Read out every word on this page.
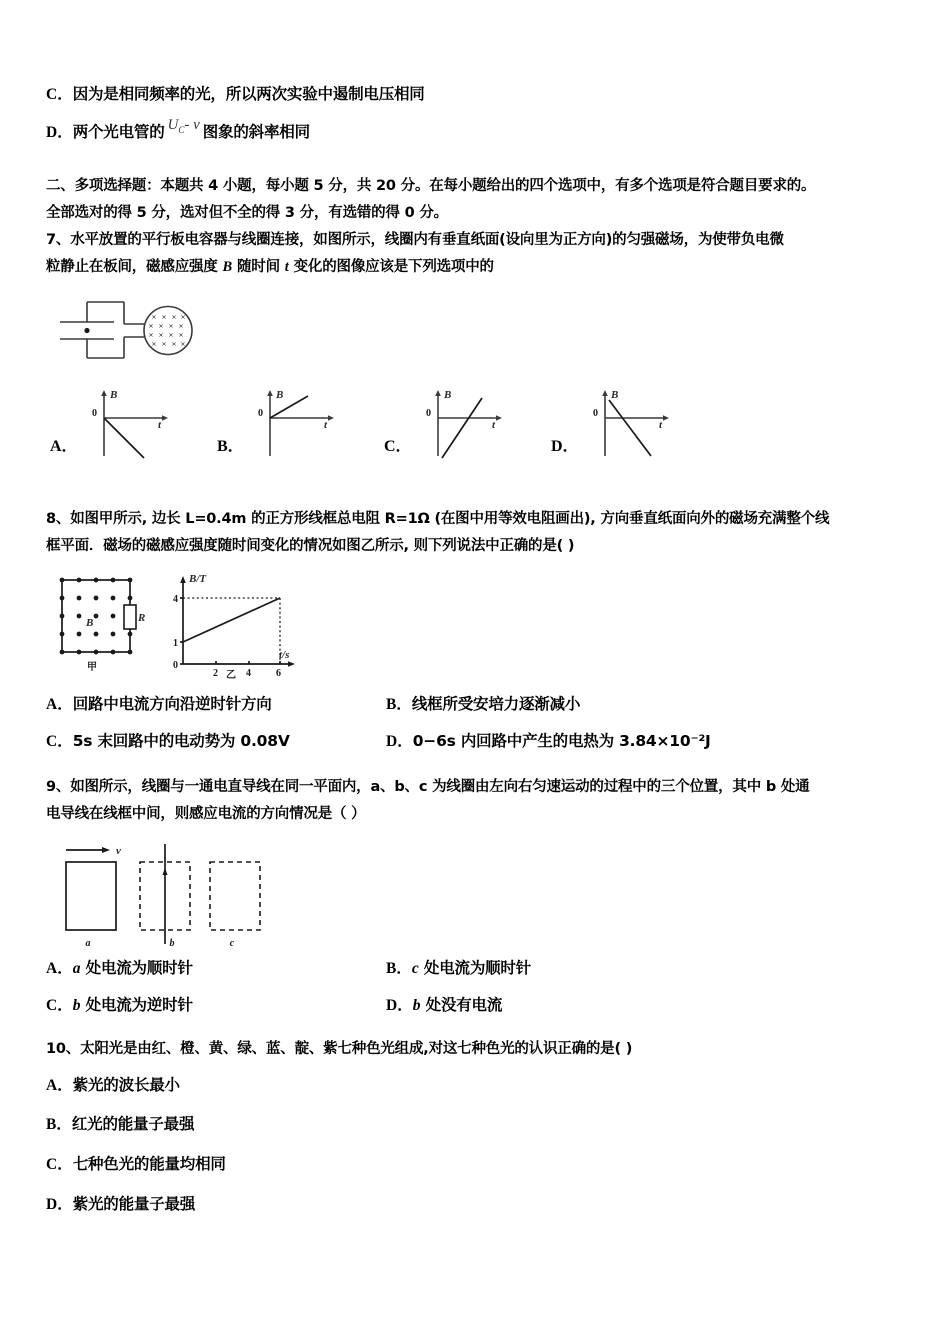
C．因为是相同频率的光，所以两次实验中遏制电压相同
D．两个光电管的 $U_C-$ ν 图象的斜率相同
二、多项选择题：本题共 4 小题，每小题 5 分，共 20 分。在每小题给出的四个选项中，有多个选项是符合题目要求的。
全部选对的得 5 分，选对但不全的得 3 分，有选错的得 0 分。
7、水平放置的平行板电容器与线圈连接，如图所示，线圈内有垂直纸面(设向里为正方向)的匀强磁场，为使带负电微
粒静止在板间，磁感应强度 B 随时间 t 变化的图像应该是下列选项中的
× × × ×
× × × ×
× × × ×
× × × ×
A．
B
t
0
B．
B
t
0
C．
B
t
0
D．
B
t
0
8、如图甲所示, 边长 L=0.4m 的正方形线框总电阻 R=1Ω (在图中用等效电阻画出), 方向垂直纸面向外的磁场充满整个线
框平面．磁场的磁感应强度随时间变化的情况如图乙所示, 则下列说法中正确的是( )
R
B
甲
B/T
t/s
0
2	4	6
1
4
乙
A．回路中电流方向沿逆时针方向	B．线框所受安培力逐渐减小
C．5s 末回路中的电动势为 0.08V	D．0−6s 内回路中产生的电热为 3.84×10⁻²J
9、如图所示，线圈与一通电直导线在同一平面内，a、b、c 为线圈由左向右匀速运动的过程中的三个位置，其中 b 处通
电导线在线框中间，则感应电流的方向情况是（ ）
v
a	b	c
A．a 处电流为顺时针	B．c 处电流为顺时针
C．b 处电流为逆时针	D．b 处没有电流
10、太阳光是由红、橙、黄、绿、蓝、靛、紫七种色光组成,对这七种色光的认识正确的是( )
A．紫光的波长最小
B．红光的能量子最强
C．七种色光的能量均相同
D．紫光的能量子最强
